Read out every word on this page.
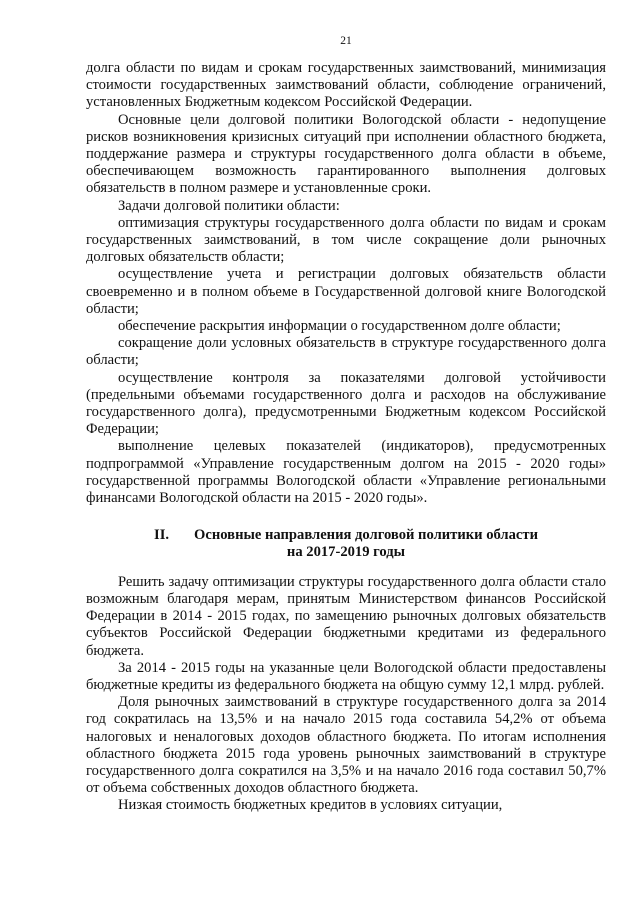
21

долга области по видам и срокам государственных заимствований, минимизация стоимости государственных заимствований области, соблюдение ограничений, установленных Бюджетным кодексом Российской Федерации.

Основные цели долговой политики Вологодской области - недопущение рисков возникновения кризисных ситуаций при исполнении областного бюджета, поддержание размера и структуры государственного долга области в объеме, обеспечивающем возможность гарантированного выполнения долговых обязательств в полном размере и установленные сроки.

Задачи долговой политики области:

оптимизация структуры государственного долга области по видам и срокам государственных заимствований, в том числе сокращение доли рыночных долговых обязательств области;

осуществление учета и регистрации долговых обязательств области своевременно и в полном объеме в Государственной долговой книге Вологодской области;

обеспечение раскрытия информации о государственном долге области;

сокращение доли условных обязательств в структуре государственного долга области;

осуществление контроля за показателями долговой устойчивости (предельными объемами государственного долга и расходов на обслуживание государственного долга), предусмотренными Бюджетным кодексом Российской Федерации;

выполнение целевых показателей (индикаторов), предусмотренных подпрограммой «Управление государственным долгом на 2015 - 2020 годы» государственной программы Вологодской области «Управление региональными финансами Вологодской области на 2015 - 2020 годы».

II. Основные направления долговой политики области
на 2017-2019 годы

Решить задачу оптимизации структуры государственного долга области стало возможным благодаря мерам, принятым Министерством финансов Российской Федерации в 2014 - 2015 годах, по замещению рыночных долговых обязательств субъектов Российской Федерации бюджетными кредитами из федерального бюджета.

За 2014 - 2015 годы на указанные цели Вологодской области предоставлены бюджетные кредиты из федерального бюджета на общую сумму 12,1 млрд. рублей.

Доля рыночных заимствований в структуре государственного долга за 2014 год сократилась на 13,5% и на начало 2015 года составила 54,2% от объема налоговых и неналоговых доходов областного бюджета. По итогам исполнения областного бюджета 2015 года уровень рыночных заимствований в структуре государственного долга сократился на 3,5% и на начало 2016 года составил 50,7% от объема собственных доходов областного бюджета.

Низкая стоимость бюджетных кредитов в условиях ситуации,
